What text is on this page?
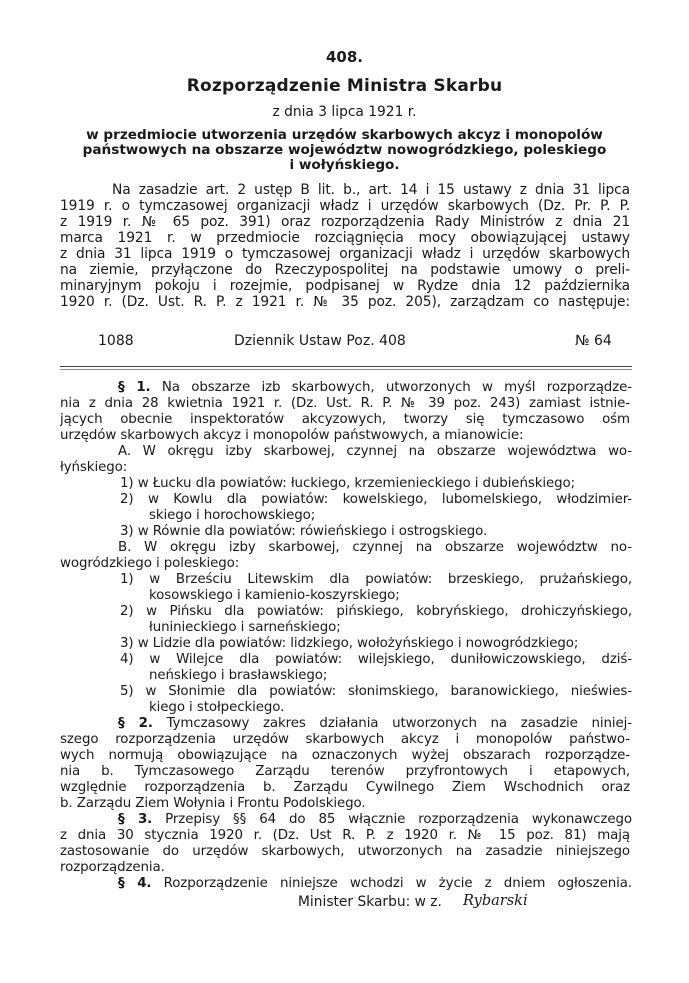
408.
Rozporządzenie Ministra Skarbu
z dnia 3 lipca 1921 r.
w przedmiocie utworzenia urzędów skarbowych akcyz i monopolów
państwowych na obszarze województw nowogródzkiego, poleskiego
i wołyńskiego.
Na zasadzie art. 2 ustęp B lit. b., art. 14 i 15 ustawy z dnia 31 lipca
1919 r. o tymczasowej organizacji władz i urzędów skarbowych (Dz. Pr. P. P.
z 1919 r. № 65 poz. 391) oraz rozporządzenia Rady Ministrów z dnia 21
marca 1921 r. w przedmiocie rozciągnięcia mocy obowiązującej ustawy
z dnia 31 lipca 1919 o tymczasowej organizacji władz i urzędów skarbowych
na ziemie, przyłączone do Rzeczypospolitej na podstawie umowy o preli-
minaryjnym pokoju i rozejmie, podpisanej w Rydze dnia 12 października
1920 r. (Dz. Ust. R. P. z 1921 r. № 35 poz. 205), zarządzam co następuje:
1088	Dziennik Ustaw Poz. 408	№ 64
§ 1. Na obszarze izb skarbowych, utworzonych w myśl rozporządze-
nia z dnia 28 kwietnia 1921 r. (Dz. Ust. R. P. № 39 poz. 243) zamiast istnie-
jących obecnie inspektoratów akcyzowych, tworzy się tymczasowo ośm
urzędów skarbowych akcyz i monopolów państwowych, a mianowicie:
A. W okręgu izby skarbowej, czynnej na obszarze województwa wo-
łyńskiego:
1) w Łucku dla powiatów: łuckiego, krzemienieckiego i dubieńskiego;
2) w Kowlu dla powiatów: kowelskiego, lubomelskiego, włodzimier-
skiego i horochowskiego;
3) w Równie dla powiatów: rówieńskiego i ostrogskiego.
B. W okręgu izby skarbowej, czynnej na obszarze województw no-
wogródzkiego i poleskiego:
1) w Brześciu Litewskim dla powiatów: brzeskiego, prużańskiego,
kosowskiego i kamienio-koszyrskiego;
2) w Pińsku dla powiatów: pińskiego, kobryńskiego, drohiczyńskiego,
łuninieckiego i sarneńskiego;
3) w Lidzie dla powiatów: lidzkiego, wołożyńskiego i nowogródzkiego;
4) w Wilejce dla powiatów: wilejskiego, duniłowiczowskiego, dziś-
neńskiego i brasławskiego;
5) w Słonimie dla powiatów: słonimskiego, baranowickiego, nieświes-
kiego i stołpeckiego.
§ 2. Tymczasowy zakres działania utworzonych na zasadzie niniej-
szego rozporządzenia urzędów skarbowych akcyz i monopolów państwo-
wych normują obowiązujące na oznaczonych wyżej obszarach rozporządze-
nia b. Tymczasowego Zarządu terenów przyfrontowych i etapowych,
względnie rozporządzenia b. Zarządu Cywilnego Ziem Wschodnich oraz
b. Zarządu Ziem Wołynia i Frontu Podolskiego.
§ 3. Przepisy §§ 64 do 85 włącznie rozporządzenia wykonawczego
z dnia 30 stycznia 1920 r. (Dz. Ust R. P. z 1920 r. № 15 poz. 81) mają
zastosowanie do urzędów skarbowych, utworzonych na zasadzie niniejszego
rozporządzenia.
§ 4. Rozporządzenie niniejsze wchodzi w życie z dniem ogłoszenia.
Minister Skarbu: w z. Rybarski
